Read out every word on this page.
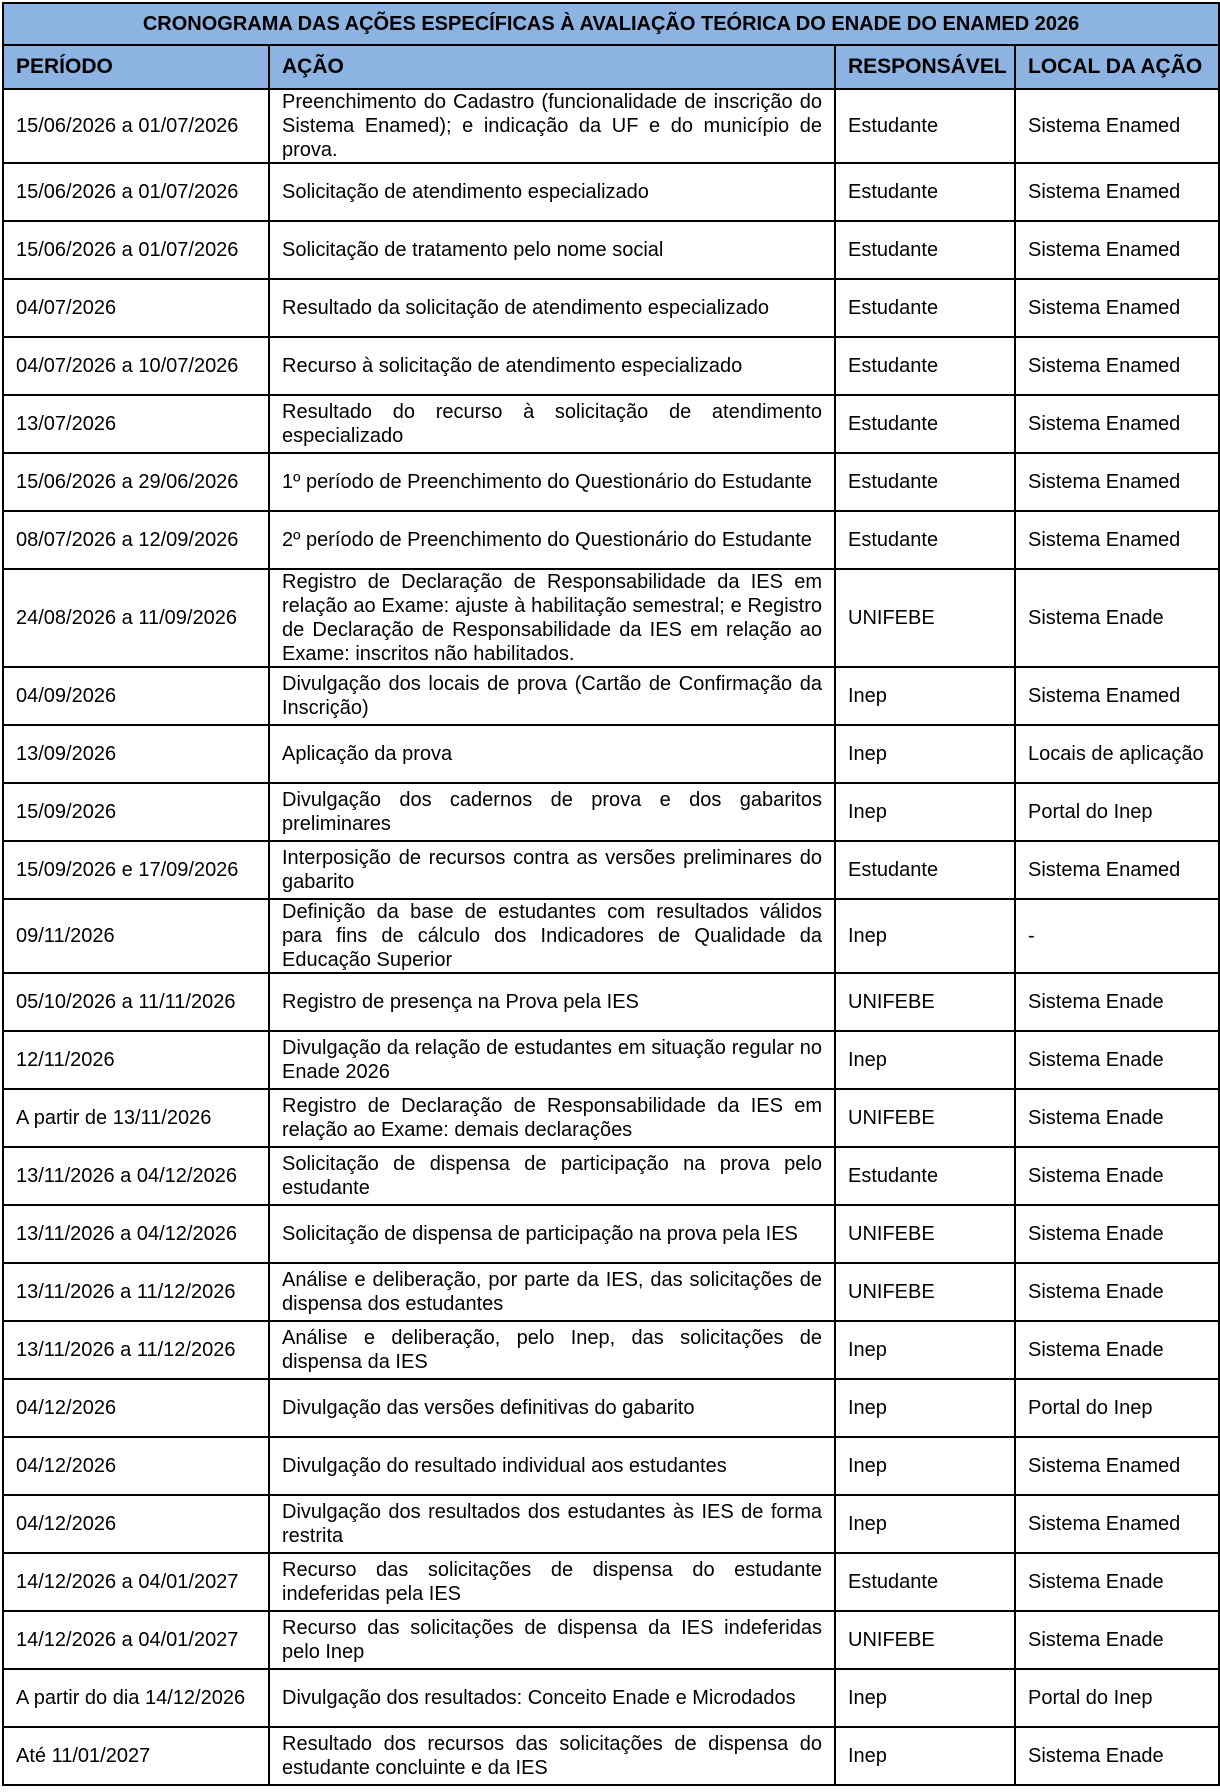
CRONOGRAMA DAS AÇÕES ESPECÍFICAS À AVALIAÇÃO TEÓRICA DO ENADE DO ENAMED 2026			
PERÍODO	AÇÃO	RESPONSÁVEL	LOCAL DA AÇÃO
15/06/2026 a 01/07/2026	Preenchimento do Cadastro (funcionalidade de inscrição do Sistema Enamed); e indicação da UF e do município de prova.	Estudante	Sistema Enamed
15/06/2026 a 01/07/2026	Solicitação de atendimento especializado	Estudante	Sistema Enamed
15/06/2026 a 01/07/2026	Solicitação de tratamento pelo nome social	Estudante	Sistema Enamed
04/07/2026	Resultado da solicitação de atendimento especializado	Estudante	Sistema Enamed
04/07/2026 a 10/07/2026	Recurso à solicitação de atendimento especializado	Estudante	Sistema Enamed
13/07/2026	Resultado do recurso à solicitação de atendimento especializado	Estudante	Sistema Enamed
15/06/2026 a 29/06/2026	1º período de Preenchimento do Questionário do Estudante	Estudante	Sistema Enamed
08/07/2026 a 12/09/2026	2º período de Preenchimento do Questionário do Estudante	Estudante	Sistema Enamed
24/08/2026 a 11/09/2026	Registro de Declaração de Responsabilidade da IES em relação ao Exame: ajuste à habilitação semestral; e Registro de Declaração de Responsabilidade da IES em relação ao Exame: inscritos não habilitados.	UNIFEBE	Sistema Enade
04/09/2026	Divulgação dos locais de prova (Cartão de Confirmação da Inscrição)	Inep	Sistema Enamed
13/09/2026	Aplicação da prova	Inep	Locais de aplicação
15/09/2026	Divulgação dos cadernos de prova e dos gabaritos preliminares	Inep	Portal do Inep
15/09/2026 e 17/09/2026	Interposição de recursos contra as versões preliminares do gabarito	Estudante	Sistema Enamed
09/11/2026	Definição da base de estudantes com resultados válidos para fins de cálculo dos Indicadores de Qualidade da Educação Superior	Inep	-
05/10/2026 a 11/11/2026	Registro de presença na Prova pela IES	UNIFEBE	Sistema Enade
12/11/2026	Divulgação da relação de estudantes em situação regular no Enade 2026	Inep	Sistema Enade
A partir de 13/11/2026	Registro de Declaração de Responsabilidade da IES em relação ao Exame: demais declarações	UNIFEBE	Sistema Enade
13/11/2026 a 04/12/2026	Solicitação de dispensa de participação na prova pelo estudante	Estudante	Sistema Enade
13/11/2026 a 04/12/2026	Solicitação de dispensa de participação na prova pela IES	UNIFEBE	Sistema Enade
13/11/2026 a 11/12/2026	Análise e deliberação, por parte da IES, das solicitações de dispensa dos estudantes	UNIFEBE	Sistema Enade
13/11/2026 a 11/12/2026	Análise e deliberação, pelo Inep, das solicitações de dispensa da IES	Inep	Sistema Enade
04/12/2026	Divulgação das versões definitivas do gabarito	Inep	Portal do Inep
04/12/2026	Divulgação do resultado individual aos estudantes	Inep	Sistema Enamed
04/12/2026	Divulgação dos resultados dos estudantes às IES de forma restrita	Inep	Sistema Enamed
14/12/2026 a 04/01/2027	Recurso das solicitações de dispensa do estudante indeferidas pela IES	Estudante	Sistema Enade
14/12/2026 a 04/01/2027	Recurso das solicitações de dispensa da IES indeferidas pelo Inep	UNIFEBE	Sistema Enade
A partir do dia 14/12/2026	Divulgação dos resultados: Conceito Enade e Microdados	Inep	Portal do Inep
Até 11/01/2027	Resultado dos recursos das solicitações de dispensa do estudante concluinte e da IES	Inep	Sistema Enade
